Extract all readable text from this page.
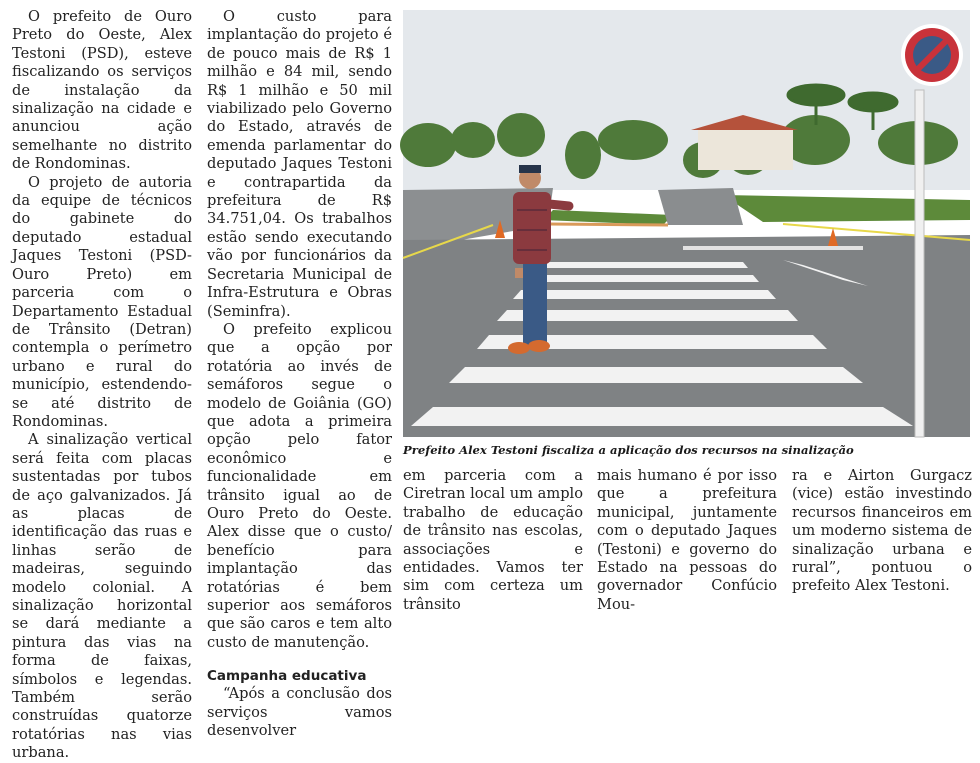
O prefeito de Ouro Preto do Oeste, Alex Testoni (PSD), esteve fiscalizando os serviços de instalação da sinalização na cidade e anunciou ação semelhante no distrito de Rondominas.

O projeto de autoria da equipe de técnicos do gabinete do deputado estadual Jaques Testoni (PSD-Ouro Preto) em parceria com o Departamento Estadual de Trânsito (Detran) contempla o perímetro urbano e rural do município, estendendo-se até distrito de Rondominas.

A sinalização vertical será feita com placas sustentadas por tubos de aço galvanizados. Já as placas de identificação das ruas e linhas serão de madeiras, seguindo modelo colonial. A sinalização horizontal se dará mediante a pintura das vias na forma de faixas, símbolos e legendas. Também serão construídas quatorze rotatórias nas vias urbana.

O custo para implantação do projeto é de pouco mais de R$ 1 milhão e 84 mil, sendo R$ 1 milhão e 50 mil viabilizado pelo Governo do Estado, através de emenda parlamentar do deputado Jaques Testoni e contrapartida da prefeitura de R$ 34.751,04. Os trabalhos estão sendo executando vão por funcionários da Secretaria Municipal de Infra-Estrutura e Obras (Seminfra).

O prefeito explicou que a opção por rotatória ao invés de semáforos segue o modelo de Goiânia (GO) que adota a primeira opção pelo fator econômico e funcionalidade em trânsito igual ao de Ouro Preto do Oeste. Alex disse que o custo/ benefício para implantação das rotatórias é bem superior aos semáforos que são caros e tem alto custo de manutenção.

Campanha educativa

“Após a conclusão dos serviços vamos desenvolver

Prefeito Alex Testoni fiscaliza a aplicação dos recursos na sinalização

em parceria com a Ciretran local um amplo trabalho de educação de trânsito nas escolas, associações e entidades. Vamos ter sim com certeza um trânsito

mais humano é por isso que a prefeitura municipal, juntamente com o deputado Jaques (Testoni) e governo do Estado na pessoas do governador Confúcio Mou-

ra e Airton Gurgacz (vice) estão investindo recursos financeiros em um moderno sistema de sinalização urbana e rural”, pontuou o prefeito Alex Testoni.
